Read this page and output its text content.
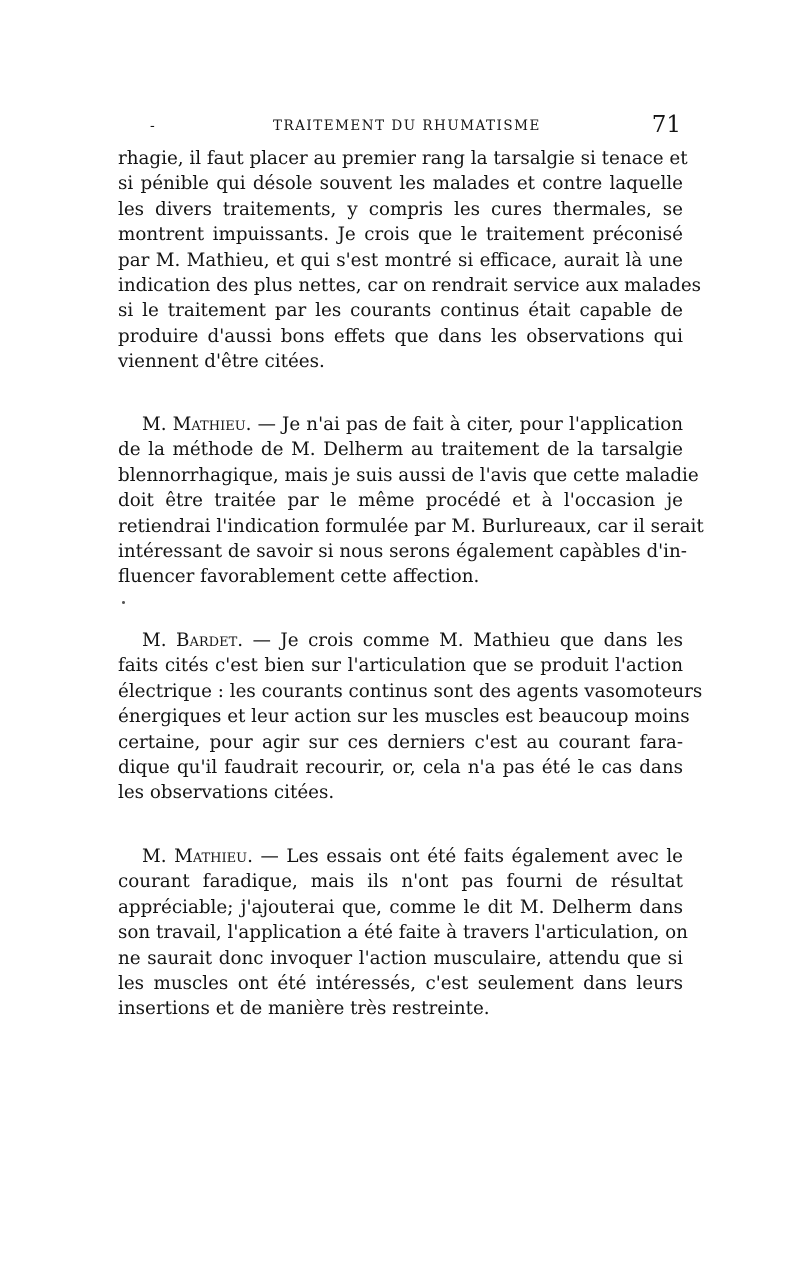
-	TRAITEMENT DU RHUMATISME	71
rhagie, il faut placer au premier rang la tarsalgie si tenace et
si pénible qui désole souvent les malades et contre laquelle
les divers traitements, y compris les cures thermales, se
montrent impuissants. Je crois que le traitement préconisé
par M. Mathieu, et qui s'est montré si efficace, aurait là une
indication des plus nettes, car on rendrait service aux malades
si le traitement par les courants continus était capable de
produire d'aussi bons effets que dans les observations qui
viennent d'être citées.
M. Mathieu. — Je n'ai pas de fait à citer, pour l'application
de la méthode de M. Delherm au traitement de la tarsalgie
blennorrhagique, mais je suis aussi de l'avis que cette maladie
doit être traitée par le même procédé et à l'occasion je
retiendrai l'indication formulée par M. Burlureaux, car il serait
intéressant de savoir si nous serons également capàbles d'in-
fluencer favorablement cette affection.
M. Bardet. — Je crois comme M. Mathieu que dans les
faits cités c'est bien sur l'articulation que se produit l'action
électrique : les courants continus sont des agents vasomoteurs
énergiques et leur action sur les muscles est beaucoup moins
certaine, pour agir sur ces derniers c'est au courant fara-
dique qu'il faudrait recourir, or, cela n'a pas été le cas dans
les observations citées.
M. Mathieu. — Les essais ont été faits également avec le
courant faradique, mais ils n'ont pas fourni de résultat
appréciable; j'ajouterai que, comme le dit M. Delherm dans
son travail, l'application a été faite à travers l'articulation, on
ne saurait donc invoquer l'action musculaire, attendu que si
les muscles ont été intéressés, c'est seulement dans leurs
insertions et de manière très restreinte.
